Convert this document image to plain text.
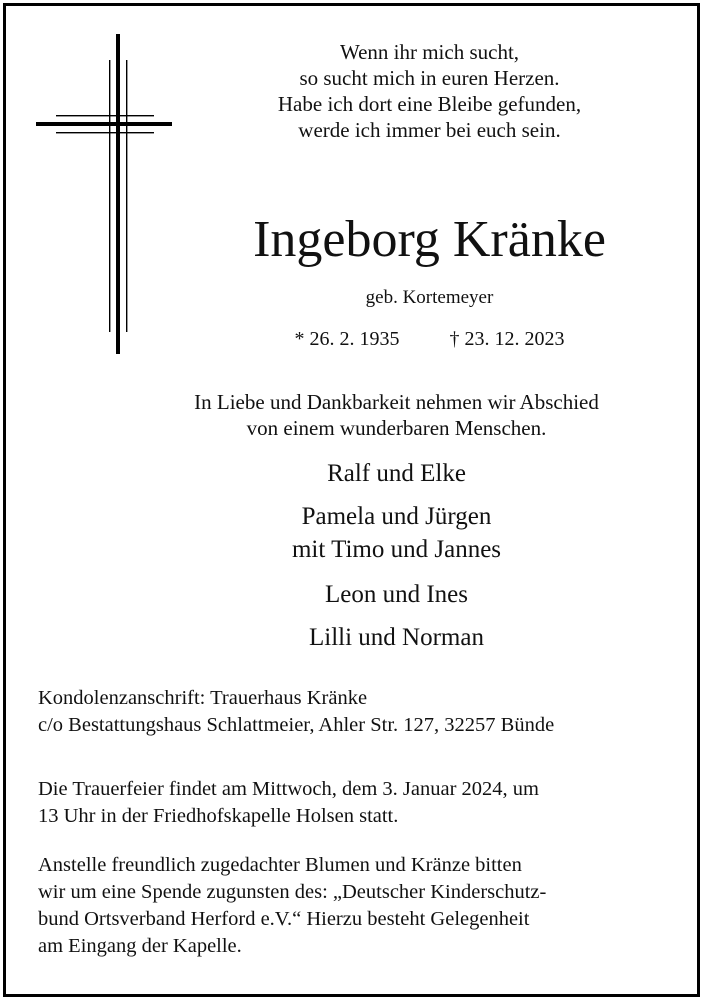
Wenn ihr mich sucht,
so sucht mich in euren Herzen.
Habe ich dort eine Bleibe gefunden,
werde ich immer bei euch sein.
Ingeborg Kränke
geb. Kortemeyer
* 26. 2. 1935	† 23. 12. 2023
In Liebe und Dankbarkeit nehmen wir Abschied
von einem wunderbaren Menschen.
Ralf und Elke
Pamela und Jürgen
mit Timo und Jannes
Leon und Ines
Lilli und Norman
Kondolenzanschrift: Trauerhaus Kränke
c/o Bestattungshaus Schlattmeier, Ahler Str. 127, 32257 Bünde
Die Trauerfeier findet am Mittwoch, dem 3. Januar 2024, um
13 Uhr in der Friedhofskapelle Holsen statt.
Anstelle freundlich zugedachter Blumen und Kränze bitten
wir um eine Spende zugunsten des: „Deutscher Kinderschutz-
bund Ortsverband Herford e.V.“ Hierzu besteht Gelegenheit
am Eingang der Kapelle.
